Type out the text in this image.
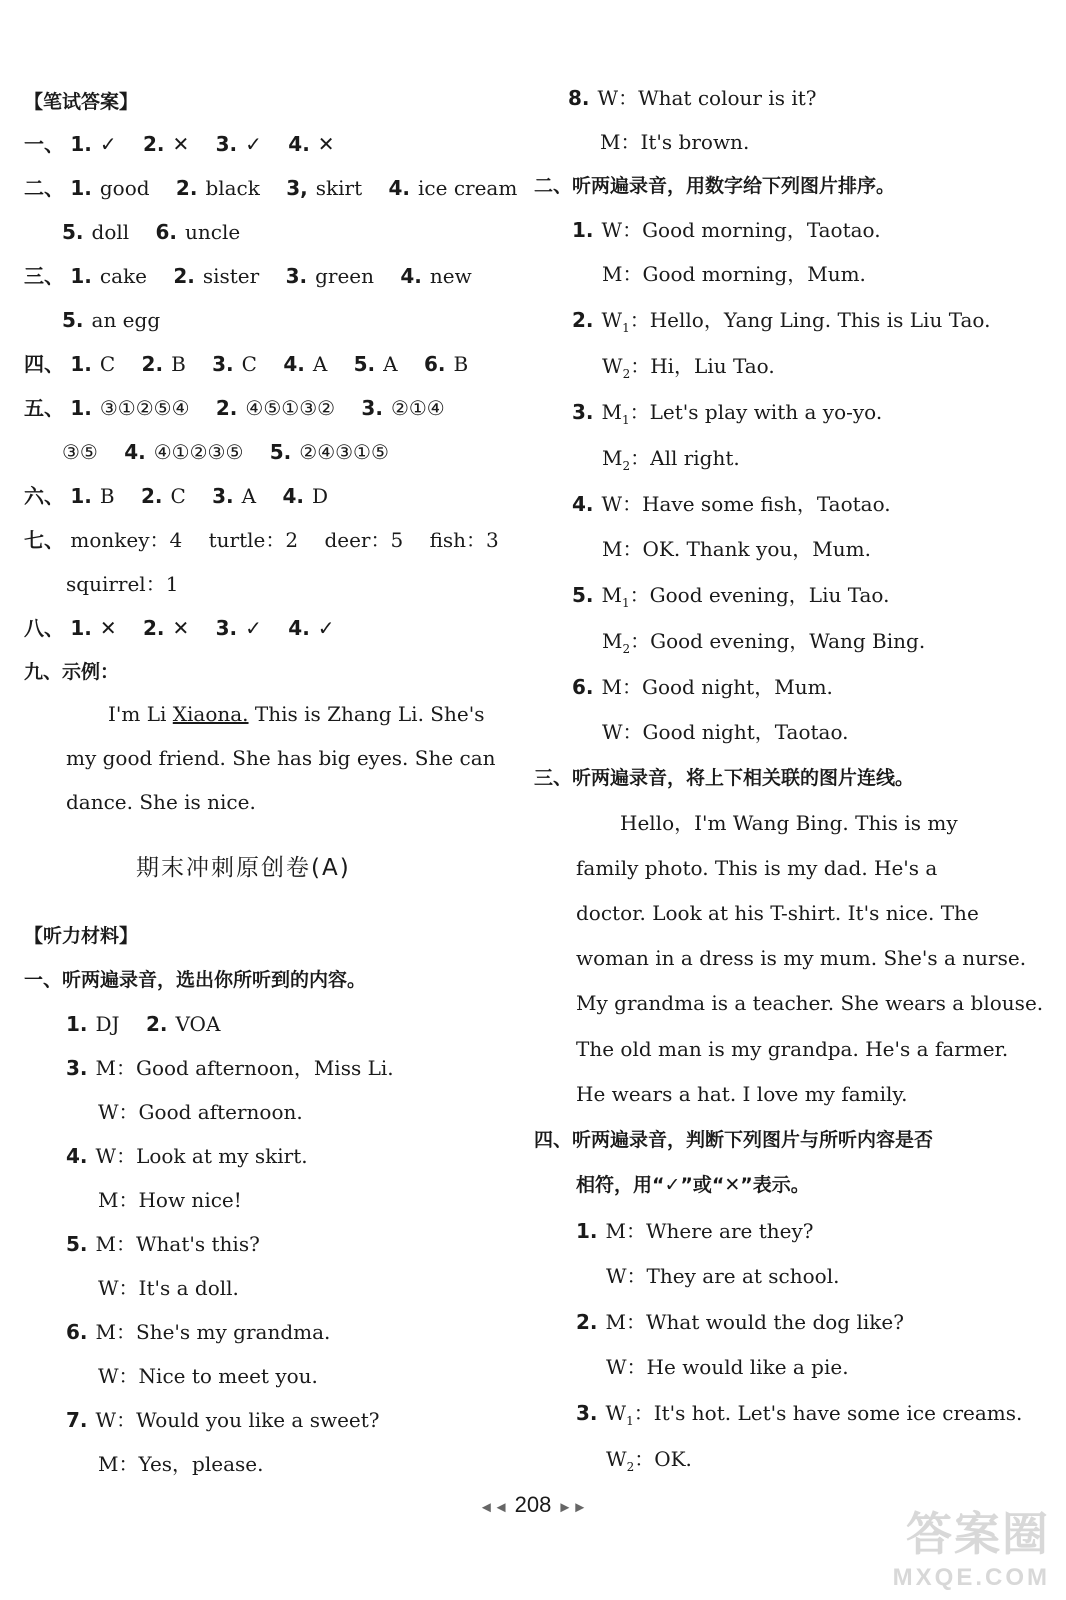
【笔试答案】
一、 1. ✓ 2. ✕ 3. ✓ 4. ✕
二、 1. good 2. black 3, skirt 4. ice cream
5. doll 6. uncle
三、 1. cake 2. sister 3. green 4. new
5. an egg
四、 1. C 2. B 3. C 4. A 5. A 6. B
五、 1. ③①②⑤④ 2. ④⑤①③② 3. ②①④
③⑤ 4. ④①②③⑤ 5. ②④③①⑤
六、 1. B 2. C 3. A 4. D
七、 monkey：4 turtle：2 deer：5 fish：3
squirrel：1
八、 1. ✕ 2. ✕ 3. ✓ 4. ✓
九、示例：
I'm Li Xiaona. This is Zhang Li. She's
my good friend. She has big eyes. She can
dance. She is nice.
期末冲刺原创卷(A)
【听力材料】
一、听两遍录音，选出你所听到的内容。
1. DJ 2. VOA
3. M：Good afternoon，Miss Li.
W：Good afternoon.
4. W：Look at my skirt.
M：How nice!
5. M：What's this?
W：It's a doll.
6. M：She's my grandma.
W：Nice to meet you.
7. W：Would you like a sweet?
M：Yes，please.
8. W：What colour is it?
M：It's brown.
二、听两遍录音，用数字给下列图片排序。
1. W：Good morning，Taotao.
M：Good morning，Mum.
2. $W_1$：Hello，Yang Ling. This is Liu Tao.
$W_2$：Hi，Liu Tao.
3. $M_1$：Let's play with a yo-yo.
$M_2$：All right.
4. W：Have some fish，Taotao.
M：OK. Thank you，Mum.
5. $M_1$：Good evening，Liu Tao.
$M_2$：Good evening，Wang Bing.
6. M：Good night，Mum.
W：Good night，Taotao.
三、听两遍录音，将上下相关联的图片连线。
Hello，I'm Wang Bing. This is my
family photo. This is my dad. He's a
doctor. Look at his T-shirt. It's nice. The
woman in a dress is my mum. She's a nurse.
My grandma is a teacher. She wears a blouse.
The old man is my grandpa. He's a farmer.
He wears a hat. I love my family.
四、听两遍录音，判断下列图片与所听内容是否
相符，用“✓”或“✕”表示。
1. M：Where are they?
W：They are at school.
2. M：What would the dog like?
W：He would like a pie.
3. $W_1$：It's hot. Let's have some ice creams.
$W_2$：OK.
◄◄ 208 ►►
答案圈
MXQE.COM
